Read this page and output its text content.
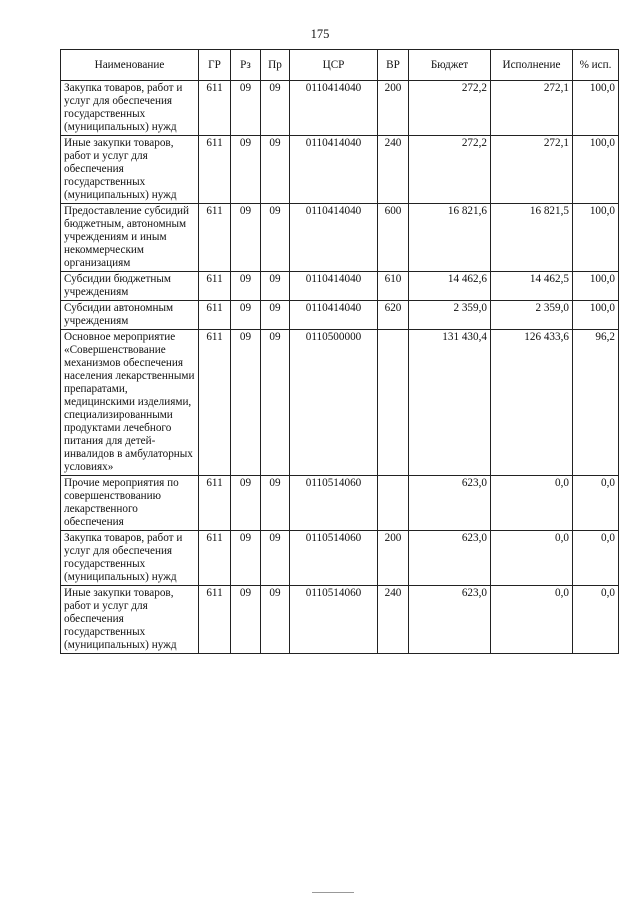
175
Наименование	ГР	Рз	Пр	ЦСР	ВР	Бюджет	Исполнение	% исп.
Закупка товаров, работ и услуг для обеспечения государственных (муниципальных) нужд	611	09	09	0110414040	200	272,2	272,1	100,0
Иные закупки товаров, работ и услуг для обеспечения государственных (муниципальных) нужд	611	09	09	0110414040	240	272,2	272,1	100,0
Предоставление субсидий бюджетным, автономным учреждениям и иным некоммерческим организациям	611	09	09	0110414040	600	16 821,6	16 821,5	100,0
Субсидии бюджетным учреждениям	611	09	09	0110414040	610	14 462,6	14 462,5	100,0
Субсидии автономным учреждениям	611	09	09	0110414040	620	2 359,0	2 359,0	100,0
Основное мероприятие «Совершенствование механизмов обеспечения населения лекарственными препаратами, медицинскими изделиями, специализированными продуктами лечебного питания для детей-инвалидов в амбулаторных условиях»	611	09	09	0110500000		131 430,4	126 433,6	96,2
Прочие мероприятия по совершенствованию лекарственного обеспечения	611	09	09	0110514060		623,0	0,0	0,0
Закупка товаров, работ и услуг для обеспечения государственных (муниципальных) нужд	611	09	09	0110514060	200	623,0	0,0	0,0
Иные закупки товаров, работ и услуг для обеспечения государственных (муниципальных) нужд	611	09	09	0110514060	240	623,0	0,0	0,0
